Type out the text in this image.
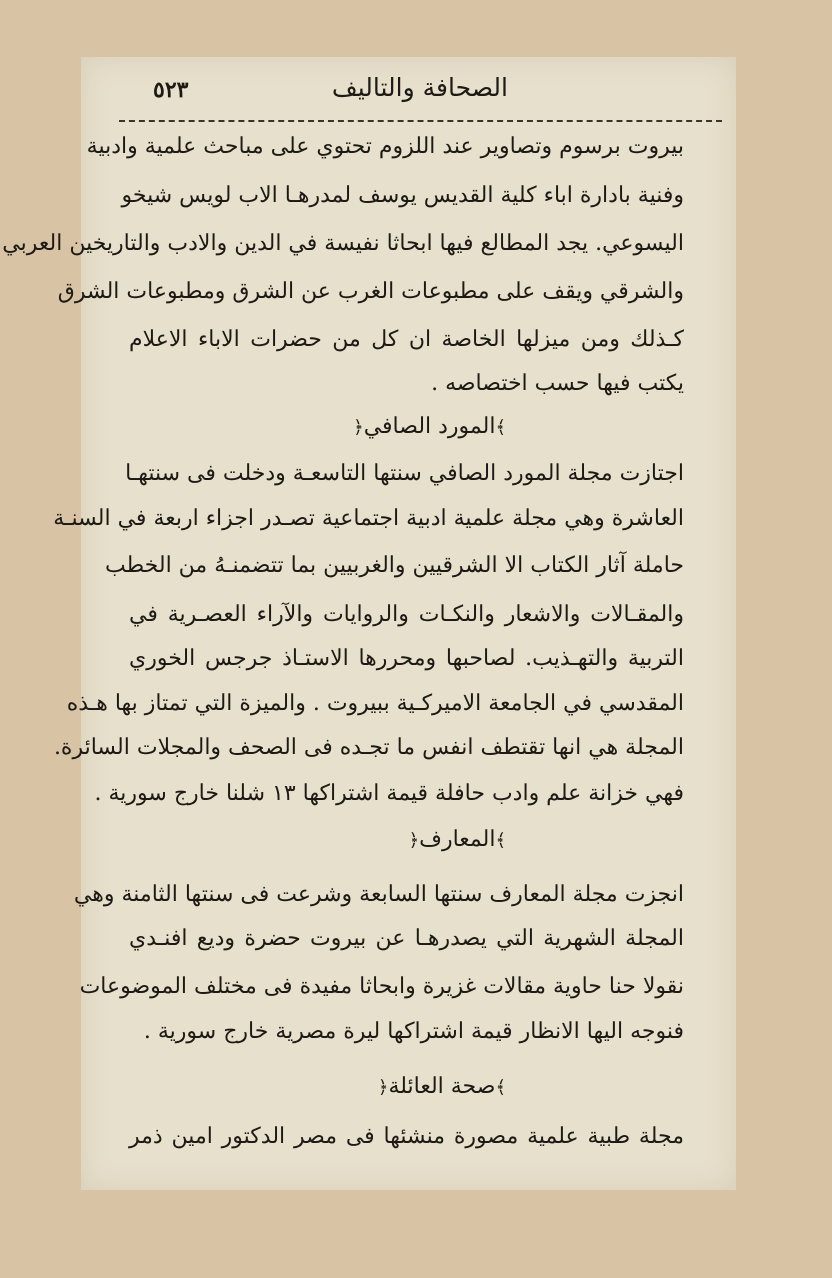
٥٢٣	الصحافة والتاليف
بيروت برسوم وتصاوير عند اللزوم تحتوي على مباحث علمية وادبية
وفنية بادارة اباء كلية القديس يوسف لمدرهـا الاب لويس شيخو
اليسوعي. يجد المطالع فيها ابحاثا نفيسة في الدين والادب والتاريخين العربي
والشرقي ويقف على مطبوعات الغرب عن الشرق ومطبوعات الشرق
كـذلك ومن ميزلها الخاصة ان كل من حضرات الاباء الاعلام
يكتب فيها حسب اختصاصه .
﴾المورد الصافي﴿
اجتازت مجلة المورد الصافي سنتها التاسعـة ودخلت فى سنتهـا
العاشرة وهي مجلة علمية ادبية اجتماعية تصـدر اجزاء اربعة في السنـة
حاملة آثار الكتاب الا الشرقيين والغربيين بما تتضمنـهُ من الخطب
والمقـالات والاشعار والنكـات والروايات والآراء العصـرية في
التربية والتهـذيب. لصاحبها ومحررها الاستـاذ جرجس الخوري
المقدسي في الجامعة الاميركـية ببيروت . والميزة التي تمتاز بها هـذه
المجلة هي انها تقتطف انفس ما تجـده فى الصحف والمجلات السائرة.
فهي خزانة علم وادب حافلة قيمة اشتراكها ١٣ شلنا خارج سورية .
﴾المعارف﴿
انجزت مجلة المعارف سنتها السابعة وشرعت فى سنتها الثامنة وهي
المجلة الشهرية التي يصدرهـا عن بيروت حضرة وديع افنـدي
نقولا حنا حاوية مقالات غزيرة وابحاثا مفيدة فى مختلف الموضوعات
فنوجه اليها الانظار قيمة اشتراكها ليرة مصرية خارج سورية .
﴾صحة العائلة﴿
مجلة طبية علمية مصورة منشئها فى مصر الدكتور امين ذمر
